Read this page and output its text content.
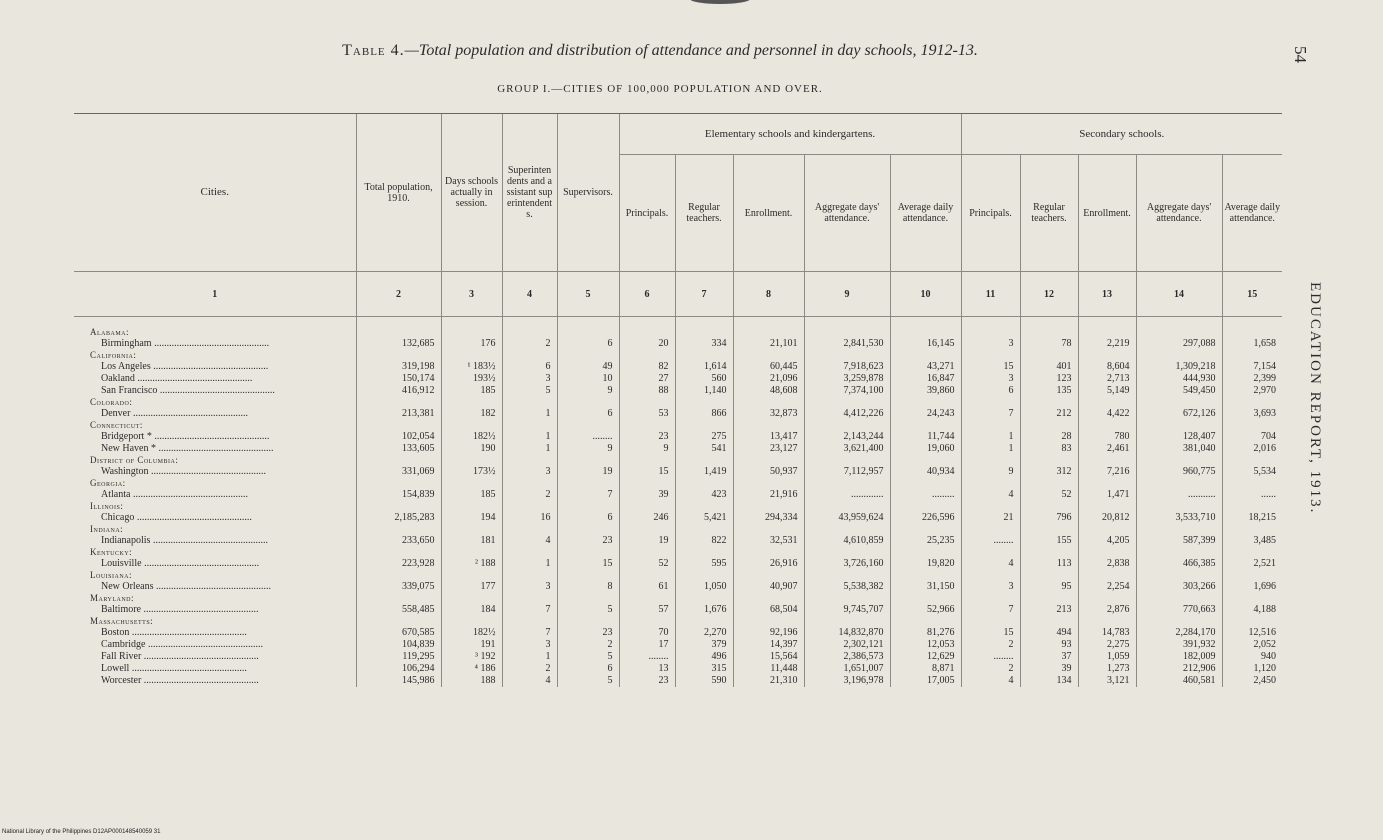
Table 4.—Total population and distribution of attendance and personnel in day schools, 1912-13.
GROUP I.—CITIES OF 100,000 POPULATION AND OVER.
54
EDUCATION REPORT, 1913.
Cities.	Total population, 1910.	Days schools actually in session.	Superintendents and assistant superintendents.	Supervisors.	Elementary schools and kindergartens.					Secondary schools.				
					Principals.	Regular teachers.	Enrollment.	Aggregate days' attendance.	Average daily attendance.	Principals.	Regular teachers.	Enrollment.	Aggregate days' attendance.	Average daily attendance.
1	2	3	4	5	6	7	8	9	10	11	12	13	14	15

Alabama:														
Birmingham ..............................................	132,685	176	2	6	20	334	21,101	2,841,530	16,145	3	78	2,219	297,088	1,658
California:														
Los Angeles ..............................................	319,198	¹ 183½	6	49	82	1,614	60,445	7,918,623	43,271	15	401	8,604	1,309,218	7,154
Oakland ..............................................	150,174	193½	3	10	27	560	21,096	3,259,878	16,847	3	123	2,713	444,930	2,399
San Francisco ..............................................	416,912	185	5	9	88	1,140	48,608	7,374,100	39,860	6	135	5,149	549,450	2,970
Colorado:														
Denver ..............................................	213,381	182	1	6	53	866	32,873	4,412,226	24,243	7	212	4,422	672,126	3,693
Connecticut:														
Bridgeport * ..............................................	102,054	182½	1	........	23	275	13,417	2,143,244	11,744	1	28	780	128,407	704
New Haven * ..............................................	133,605	190	1	9	9	541	23,127	3,621,400	19,060	1	83	2,461	381,040	2,016
District of Columbia:														
Washington ..............................................	331,069	173½	3	19	15	1,419	50,937	7,112,957	40,934	9	312	7,216	960,775	5,534
Georgia:														
Atlanta ..............................................	154,839	185	2	7	39	423	21,916	.............	.........	4	52	1,471	...........	......
Illinois:														
Chicago ..............................................	2,185,283	194	16	6	246	5,421	294,334	43,959,624	226,596	21	796	20,812	3,533,710	18,215
Indiana:														
Indianapolis ..............................................	233,650	181	4	23	19	822	32,531	4,610,859	25,235	........	155	4,205	587,399	3,485
Kentucky:														
Louisville ..............................................	223,928	² 188	1	15	52	595	26,916	3,726,160	19,820	4	113	2,838	466,385	2,521
Louisiana:														
New Orleans ..............................................	339,075	177	3	8	61	1,050	40,907	5,538,382	31,150	3	95	2,254	303,266	1,696
Maryland:														
Baltimore ..............................................	558,485	184	7	5	57	1,676	68,504	9,745,707	52,966	7	213	2,876	770,663	4,188
Massachusetts:														
Boston ..............................................	670,585	182½	7	23	70	2,270	92,196	14,832,870	81,276	15	494	14,783	2,284,170	12,516
Cambridge ..............................................	104,839	191	3	2	17	379	14,397	2,302,121	12,053	2	93	2,275	391,932	2,052
Fall River ..............................................	119,295	³ 192	1	5	........	496	15,564	2,386,573	12,629	........	37	1,059	182,009	940
Lowell ..............................................	106,294	⁴ 186	2	6	13	315	11,448	1,651,007	8,871	2	39	1,273	212,906	1,120
Worcester ..............................................	145,986	188	4	5	23	590	21,310	3,196,978	17,005	4	134	3,121	460,581	2,450
National Library of the Philippines D12AP000148540059 31
